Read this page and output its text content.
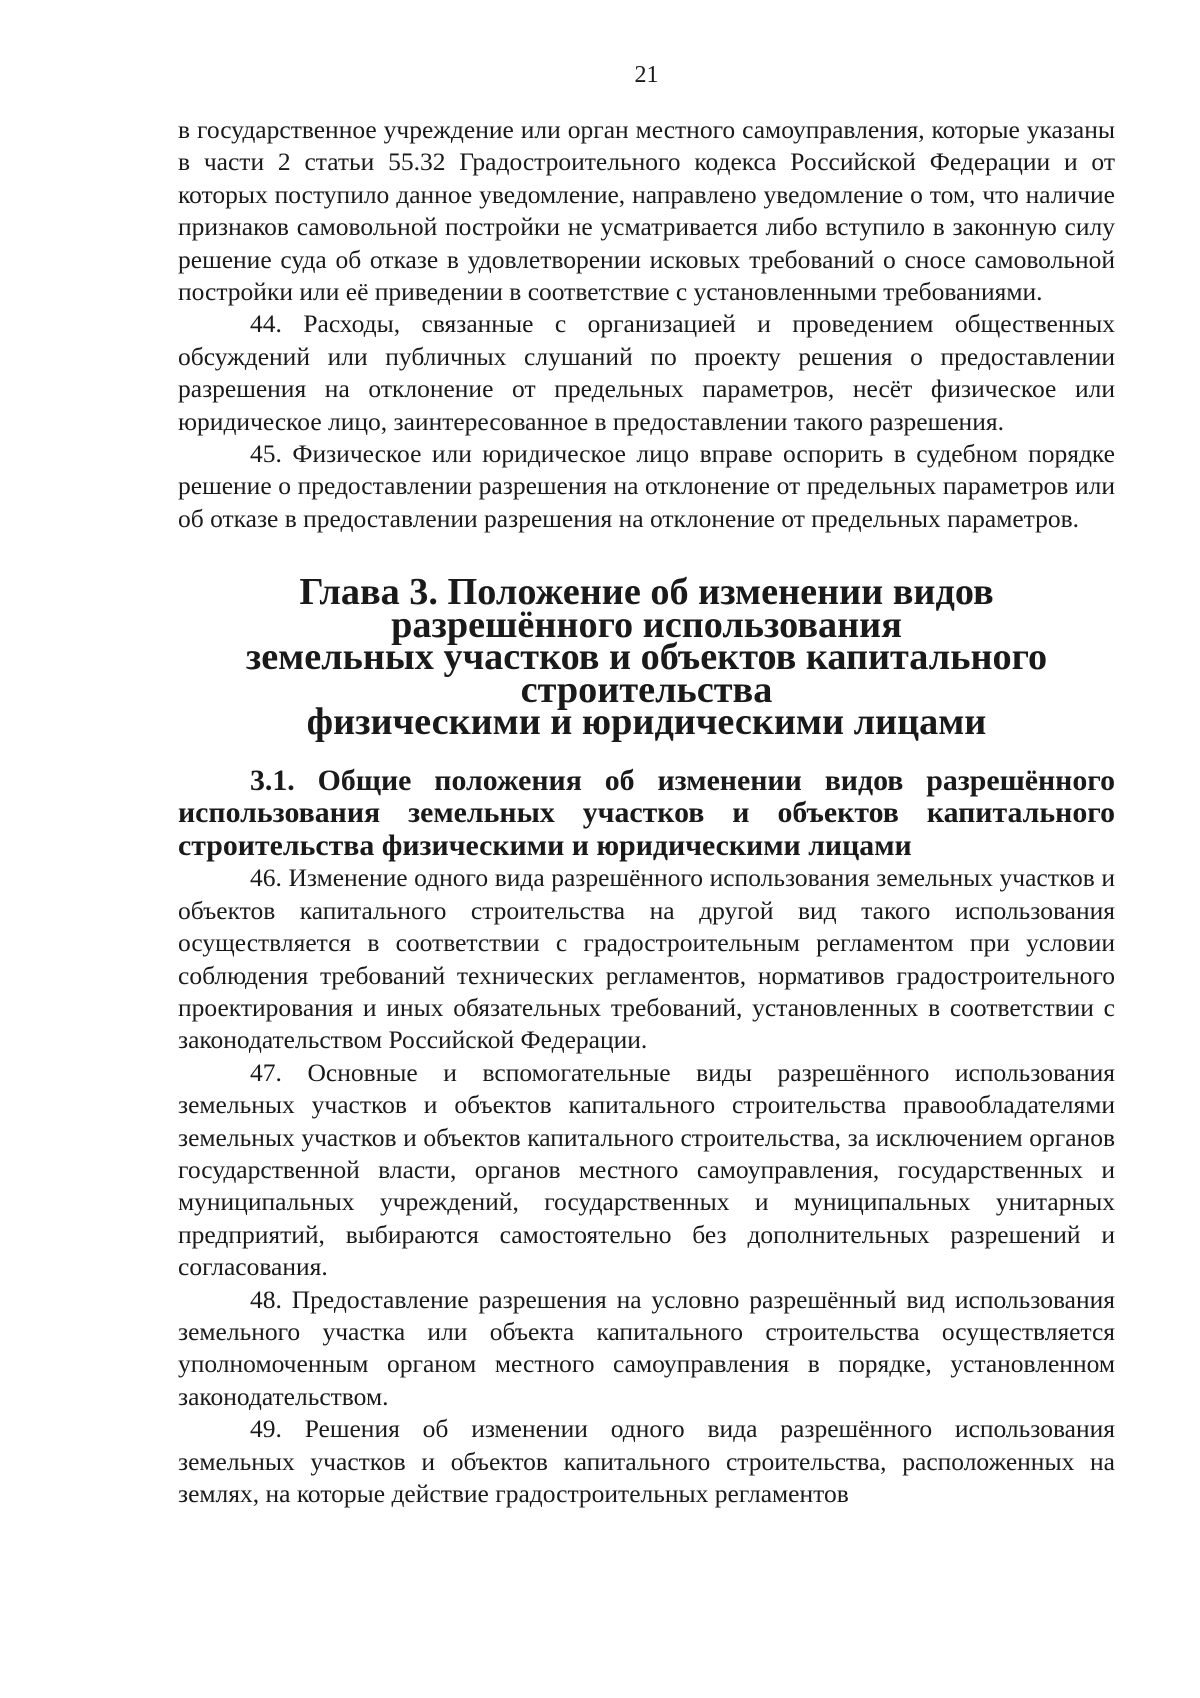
21

в государственное учреждение или орган местного самоуправления, которые указаны в части 2 статьи 55.32 Градостроительного кодекса Российской Федерации и от которых поступило данное уведомление, направлено уведомление о том, что наличие признаков самовольной постройки не усматривается либо вступило в законную силу решение суда об отказе в удовлетворении исковых требований о сносе самовольной постройки или её приведении в соответствие с установленными требованиями.

44. Расходы, связанные с организацией и проведением общественных обсуждений или публичных слушаний по проекту решения о предоставлении разрешения на отклонение от предельных параметров, несёт физическое или юридическое лицо, заинтересованное в предоставлении такого разрешения.

45. Физическое или юридическое лицо вправе оспорить в судебном порядке решение о предоставлении разрешения на отклонение от предельных параметров или об отказе в предоставлении разрешения на отклонение от предельных параметров.

Глава 3. Положение об изменении видов разрешённого использования
земельных участков и объектов капитального строительства
физическими и юридическими лицами
3.1. Общие положения об изменении видов разрешённого использования земельных участков и объектов капитального строительства физическими и юридическими лицами

46. Изменение одного вида разрешённого использования земельных участков и объектов капитального строительства на другой вид такого использования осуществляется в соответствии с градостроительным регламентом при условии соблюдения требований технических регламентов, нормативов градостроительного проектирования и иных обязательных требований, установленных в соответствии с законодательством Российской Федерации.

47. Основные и вспомогательные виды разрешённого использования земельных участков и объектов капитального строительства правообладателями земельных участков и объектов капитального строительства, за исключением органов государственной власти, органов местного самоуправления, государственных и муниципальных учреждений, государственных и муниципальных унитарных предприятий, выбираются самостоятельно без дополнительных разрешений и согласования.

48. Предоставление разрешения на условно разрешённый вид использования земельного участка или объекта капитального строительства осуществляется уполномоченным органом местного самоуправления в порядке, установленном законодательством.

49. Решения об изменении одного вида разрешённого использования земельных участков и объектов капитального строительства, расположенных на землях, на которые действие градостроительных регламентов
